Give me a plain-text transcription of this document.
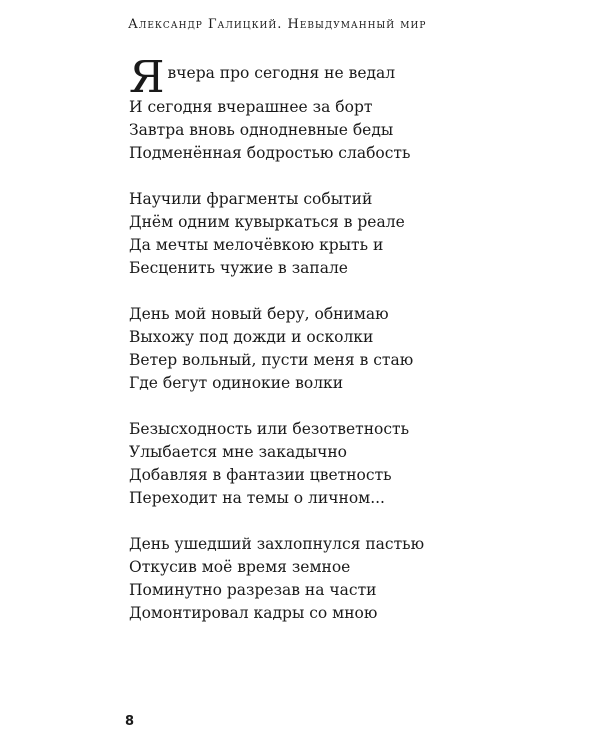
Александр Галицкий. Невыдуманный мир
Я вчера про сегодня не ведал
И сегодня вчерашнее за борт
Завтра вновь однодневные беды
Подменённая бодростью слабость
Научили фрагменты событий
Днём одним кувыркаться в реале
Да мечты мелочёвкою крыть и
Бесценить чужие в запале
День мой новый беру, обнимаю
Выхожу под дожди и осколки
Ветер вольный, пусти меня в стаю
Где бегут одинокие волки
Безысходность или безответность
Улыбается мне закадычно
Добавляя в фантазии цветность
Переходит на темы о личном...
День ушедший захлопнулся пастью
Откусив моё время земное
Поминутно разрезав на части
Домонтировал кадры со мною
8
